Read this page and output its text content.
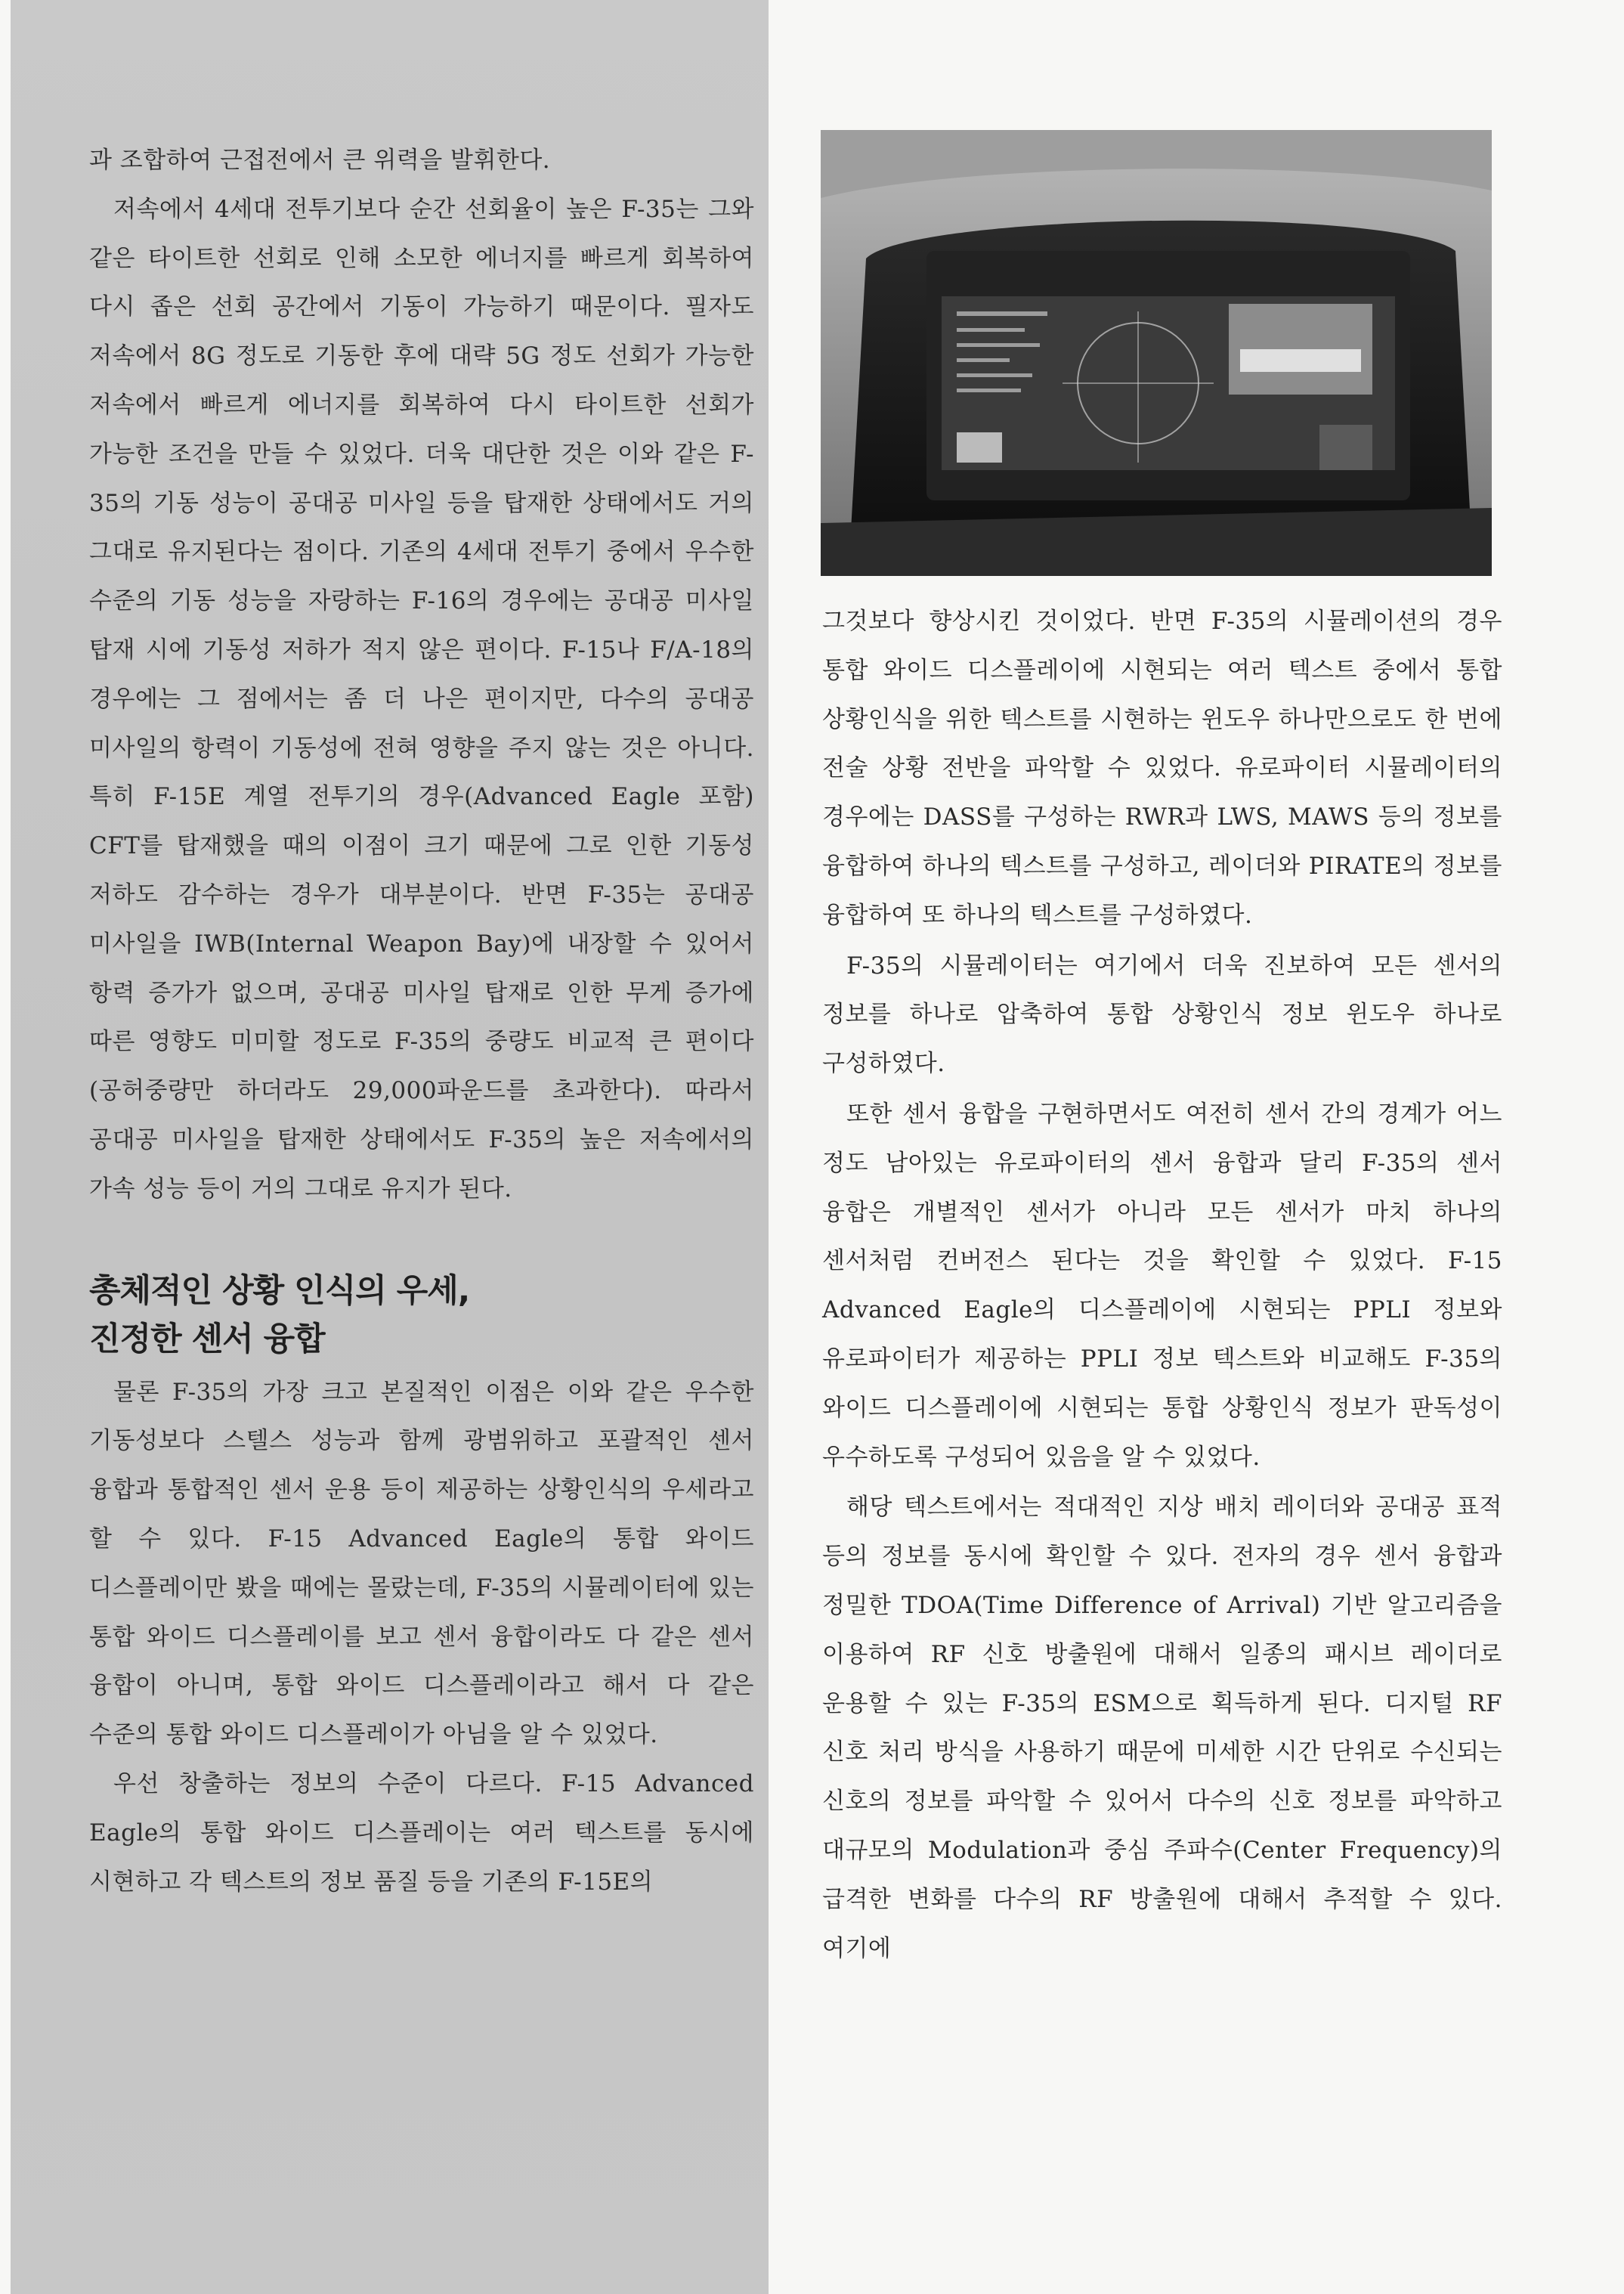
과 조합하여 근접전에서 큰 위력을 발휘한다.

저속에서 4세대 전투기보다 순간 선회율이 높은 F-35는 그와 같은 타이트한 선회로 인해 소모한 에너지를 빠르게 회복하여 다시 좁은 선회 공간에서 기동이 가능하기 때문이다. 필자도 저속에서 8G 정도로 기동한 후에 대략 5G 정도 선회가 가능한 저속에서 빠르게 에너지를 회복하여 다시 타이트한 선회가 가능한 조건을 만들 수 있었다. 더욱 대단한 것은 이와 같은 F-35의 기동 성능이 공대공 미사일 등을 탑재한 상태에서도 거의 그대로 유지된다는 점이다. 기존의 4세대 전투기 중에서 우수한 수준의 기동 성능을 자랑하는 F-16의 경우에는 공대공 미사일 탑재 시에 기동성 저하가 적지 않은 편이다. F-15나 F/A-18의 경우에는 그 점에서는 좀 더 나은 편이지만, 다수의 공대공 미사일의 항력이 기동성에 전혀 영향을 주지 않는 것은 아니다. 특히 F-15E 계열 전투기의 경우(Advanced Eagle 포함) CFT를 탑재했을 때의 이점이 크기 때문에 그로 인한 기동성 저하도 감수하는 경우가 대부분이다. 반면 F-35는 공대공 미사일을 IWB(Internal Weapon Bay)에 내장할 수 있어서 항력 증가가 없으며, 공대공 미사일 탑재로 인한 무게 증가에 따른 영향도 미미할 정도로 F-35의 중량도 비교적 큰 편이다(공허중량만 하더라도 29,000파운드를 초과한다). 따라서 공대공 미사일을 탑재한 상태에서도 F-35의 높은 저속에서의 가속 성능 등이 거의 그대로 유지가 된다.

총체적인 상황 인식의 우세,
진정한 센서 융합

물론 F-35의 가장 크고 본질적인 이점은 이와 같은 우수한 기동성보다 스텔스 성능과 함께 광범위하고 포괄적인 센서 융합과 통합적인 센서 운용 등이 제공하는 상황인식의 우세라고 할 수 있다. F-15 Advanced Eagle의 통합 와이드 디스플레이만 봤을 때에는 몰랐는데, F-35의 시뮬레이터에 있는 통합 와이드 디스플레이를 보고 센서 융합이라도 다 같은 센서 융합이 아니며, 통합 와이드 디스플레이라고 해서 다 같은 수준의 통합 와이드 디스플레이가 아님을 알 수 있었다.

우선 창출하는 정보의 수준이 다르다. F-15 Advanced Eagle의 통합 와이드 디스플레이는 여러 텍스트를 동시에 시현하고 각 텍스트의 정보 품질 등을 기존의 F-15E의

그것보다 향상시킨 것이었다. 반면 F-35의 시뮬레이션의 경우 통합 와이드 디스플레이에 시현되는 여러 텍스트 중에서 통합 상황인식을 위한 텍스트를 시현하는 윈도우 하나만으로도 한 번에 전술 상황 전반을 파악할 수 있었다. 유로파이터 시뮬레이터의 경우에는 DASS를 구성하는 RWR과 LWS, MAWS 등의 정보를 융합하여 하나의 텍스트를 구성하고, 레이더와 PIRATE의 정보를 융합하여 또 하나의 텍스트를 구성하였다.

F-35의 시뮬레이터는 여기에서 더욱 진보하여 모든 센서의 정보를 하나로 압축하여 통합 상황인식 정보 윈도우 하나로 구성하였다.

또한 센서 융합을 구현하면서도 여전히 센서 간의 경계가 어느 정도 남아있는 유로파이터의 센서 융합과 달리 F-35의 센서 융합은 개별적인 센서가 아니라 모든 센서가 마치 하나의 센서처럼 컨버전스 된다는 것을 확인할 수 있었다. F-15 Advanced Eagle의 디스플레이에 시현되는 PPLI 정보와 유로파이터가 제공하는 PPLI 정보 텍스트와 비교해도 F-35의 와이드 디스플레이에 시현되는 통합 상황인식 정보가 판독성이 우수하도록 구성되어 있음을 알 수 있었다.

해당 텍스트에서는 적대적인 지상 배치 레이더와 공대공 표적 등의 정보를 동시에 확인할 수 있다. 전자의 경우 센서 융합과 정밀한 TDOA(Time Difference of Arrival) 기반 알고리즘을 이용하여 RF 신호 방출원에 대해서 일종의 패시브 레이더로 운용할 수 있는 F-35의 ESM으로 획득하게 된다. 디지털 RF 신호 처리 방식을 사용하기 때문에 미세한 시간 단위로 수신되는 신호의 정보를 파악할 수 있어서 다수의 신호 정보를 파악하고 대규모의 Modulation과 중심 주파수(Center Frequency)의 급격한 변화를 다수의 RF 방출원에 대해서 추적할 수 있다. 여기에
